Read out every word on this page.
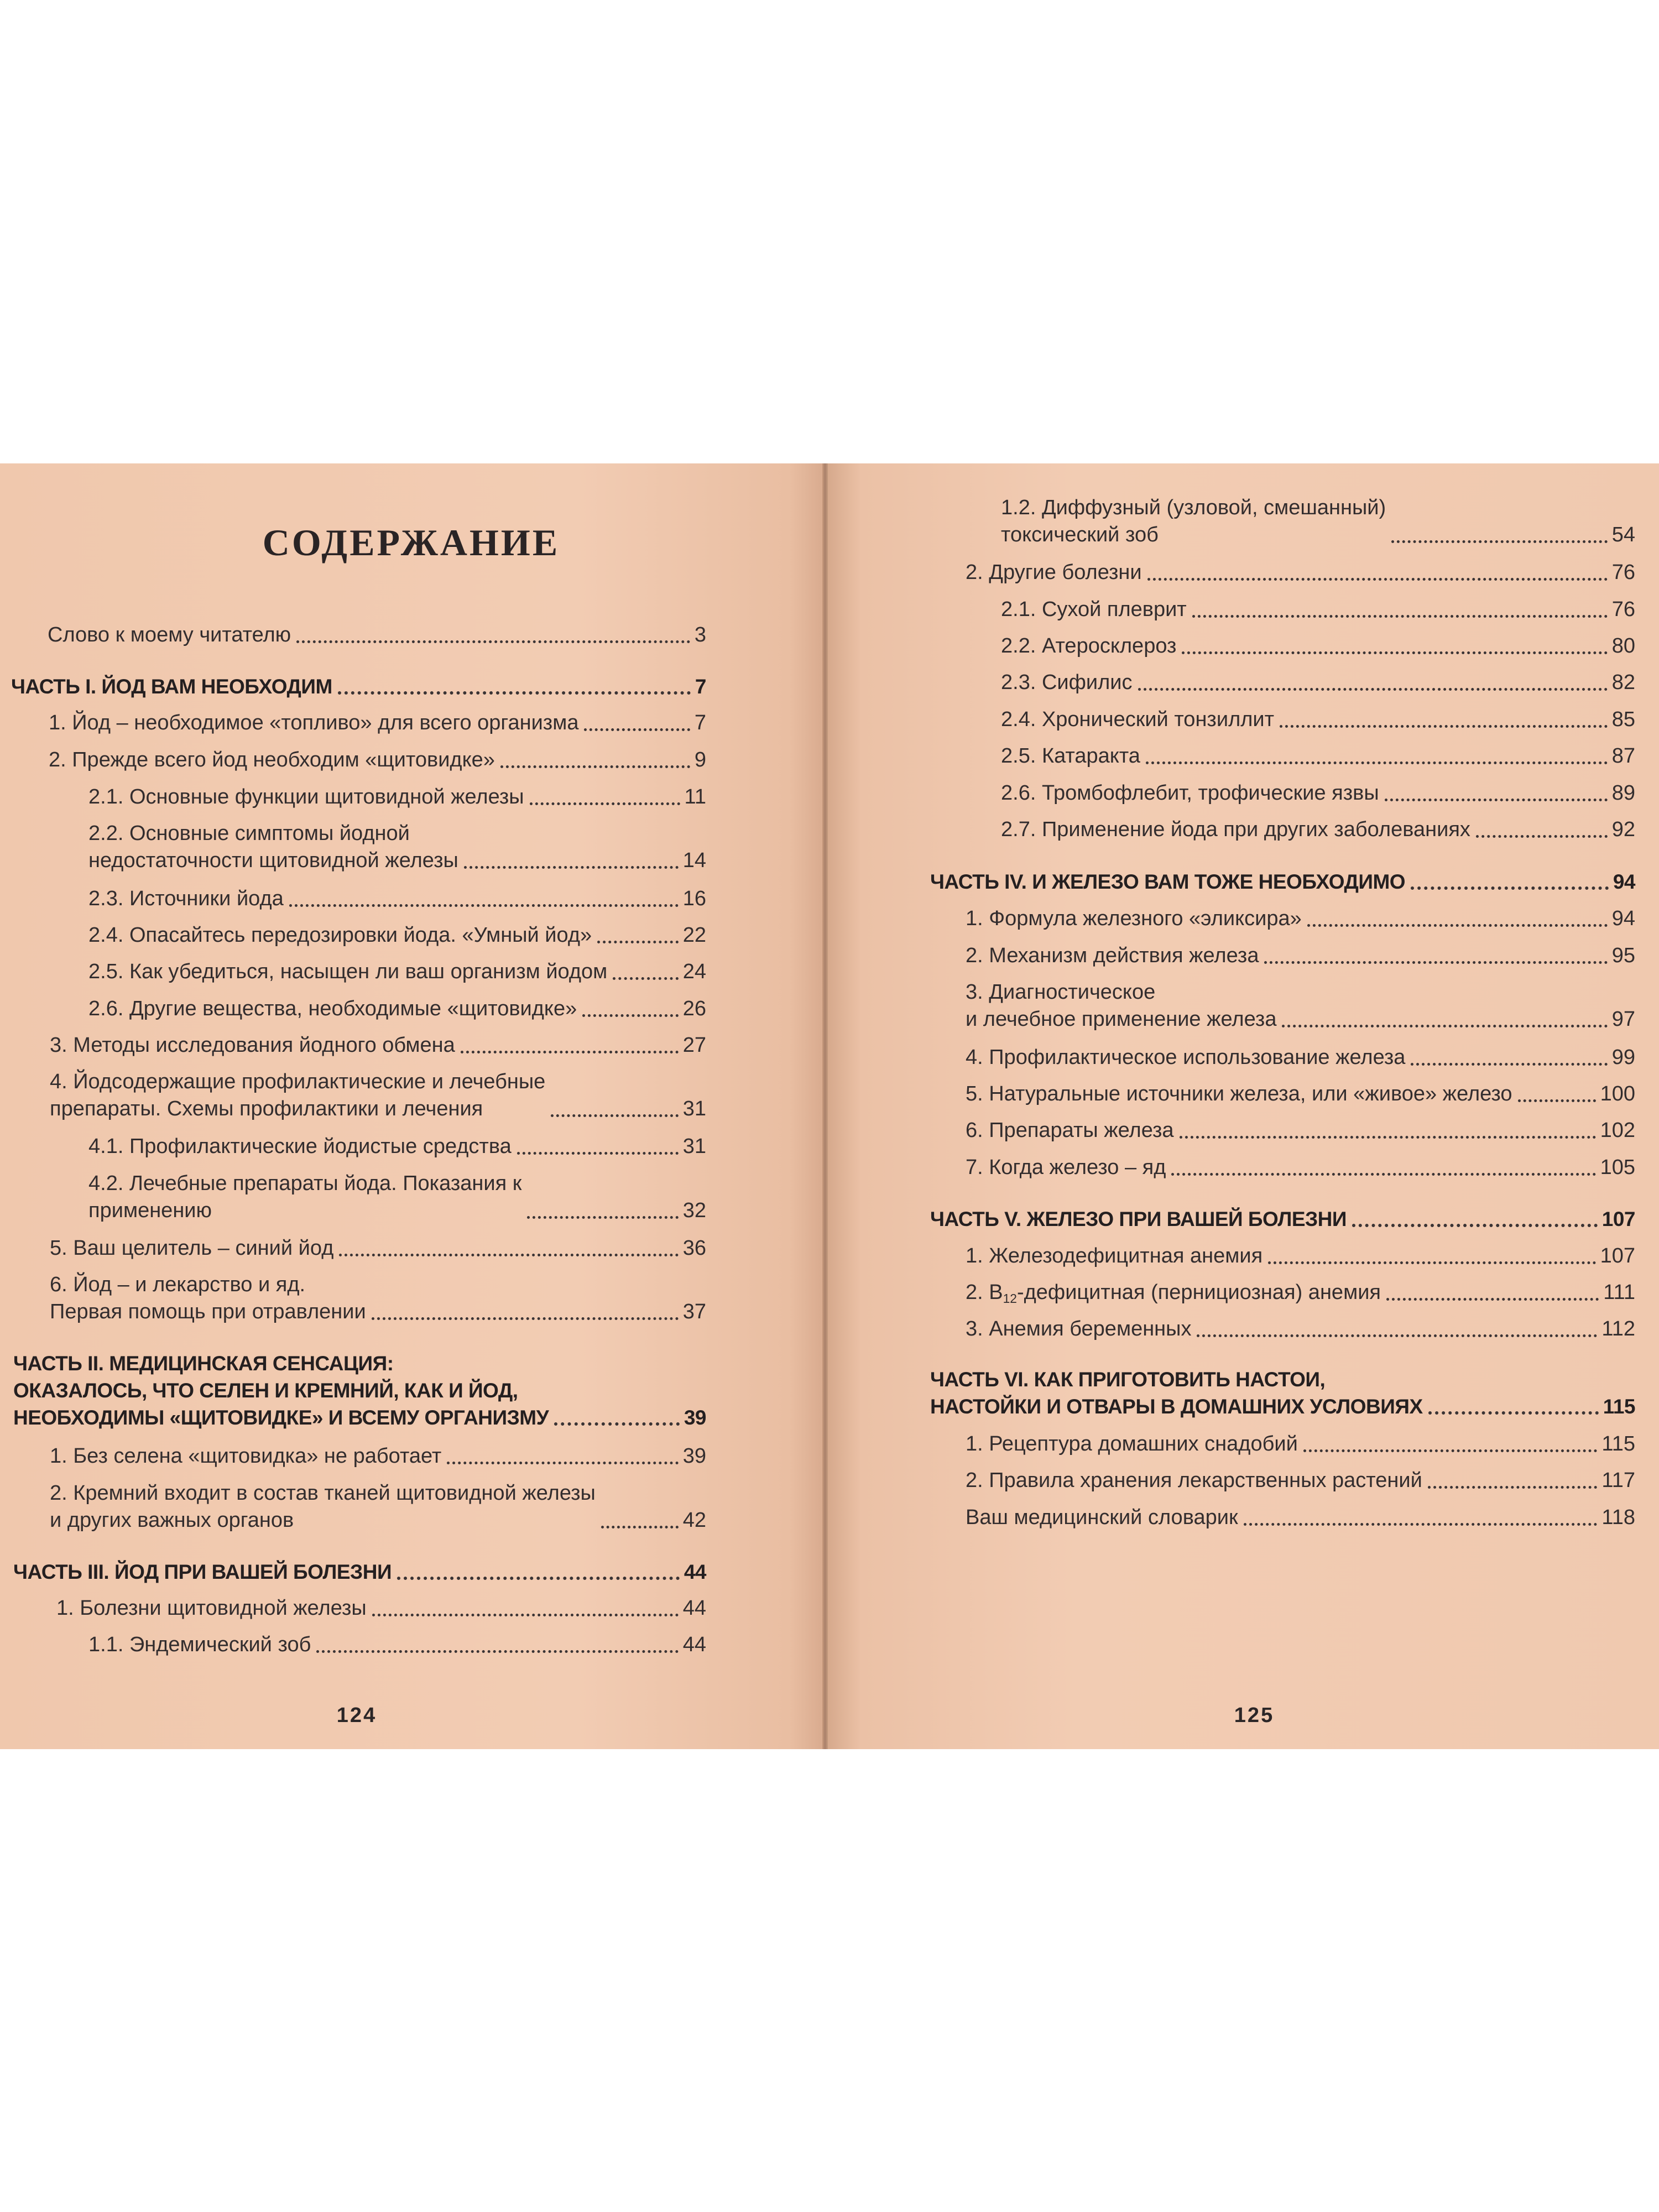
СОДЕРЖАНИЕ
Слово к моему читателю	3
ЧАСТЬ I. ЙОД ВАМ НЕОБХОДИМ	7
1. Йод – необходимое «топливо» для всего организма	7
2. Прежде всего йод необходим «щитовидке»	9
2.1. Основные функции щитовидной железы	11
2.2. Основные симптомы йодной
недостаточности щитовидной железы	14
2.3. Источники йода	16
2.4. Опасайтесь передозировки йода. «Умный йод»	22
2.5. Как убедиться, насыщен ли ваш организм йодом	24
2.6. Другие вещества, необходимые «щитовидке»	26
3. Методы исследования йодного обмена	27
4. Йодсодержащие профилактические и лечебные
препараты. Схемы профилактики и лечения	31
4.1. Профилактические йодистые средства	31
4.2. Лечебные препараты йода. Показания к
применению	32
5. Ваш целитель – синий йод	36
6. Йод – и лекарство и яд.
Первая помощь при отравлении	37
ЧАСТЬ II. МЕДИЦИНСКАЯ СЕНСАЦИЯ:
ОКАЗАЛОСЬ, ЧТО СЕЛЕН И КРЕМНИЙ, КАК И ЙОД,
НЕОБХОДИМЫ «ЩИТОВИДКЕ» И ВСЕМУ ОРГАНИЗМУ	39
1. Без селена «щитовидка» не работает	39
2. Кремний входит в состав тканей щитовидной железы
и других важных органов	42
ЧАСТЬ III. ЙОД ПРИ ВАШЕЙ БОЛЕЗНИ	44
1. Болезни щитовидной железы	44
1.1. Эндемический зоб	44
124
1.2. Диффузный (узловой, смешанный)
токсический зоб	54
2. Другие болезни	76
2.1. Сухой плеврит	76
2.2. Атеросклероз	80
2.3. Сифилис	82
2.4. Хронический тонзиллит	85
2.5. Катаракта	87
2.6. Тромбофлебит, трофические язвы	89
2.7. Применение йода при других заболеваниях	92
ЧАСТЬ IV. И ЖЕЛЕЗО ВАМ ТОЖЕ НЕОБХОДИМО	94
1. Формула железного «эликсира»	94
2. Механизм действия железа	95
3. Диагностическое
и лечебное применение железа	97
4. Профилактическое использование железа	99
5. Натуральные источники железа, или «живое» железо	100
6. Препараты железа	102
7. Когда железо – яд	105
ЧАСТЬ V. ЖЕЛЕЗО ПРИ ВАШЕЙ БОЛЕЗНИ	107
1. Железодефицитная анемия	107
2. $B_{12}$-дефицитная (пернициозная) анемия	111
3. Анемия беременных	112
ЧАСТЬ VI. КАК ПРИГОТОВИТЬ НАСТОИ,
НАСТОЙКИ И ОТВАРЫ В ДОМАШНИХ УСЛОВИЯХ	115
1. Рецептура домашних снадобий	115
2. Правила хранения лекарственных растений	117
Ваш медицинский словарик	118
125
